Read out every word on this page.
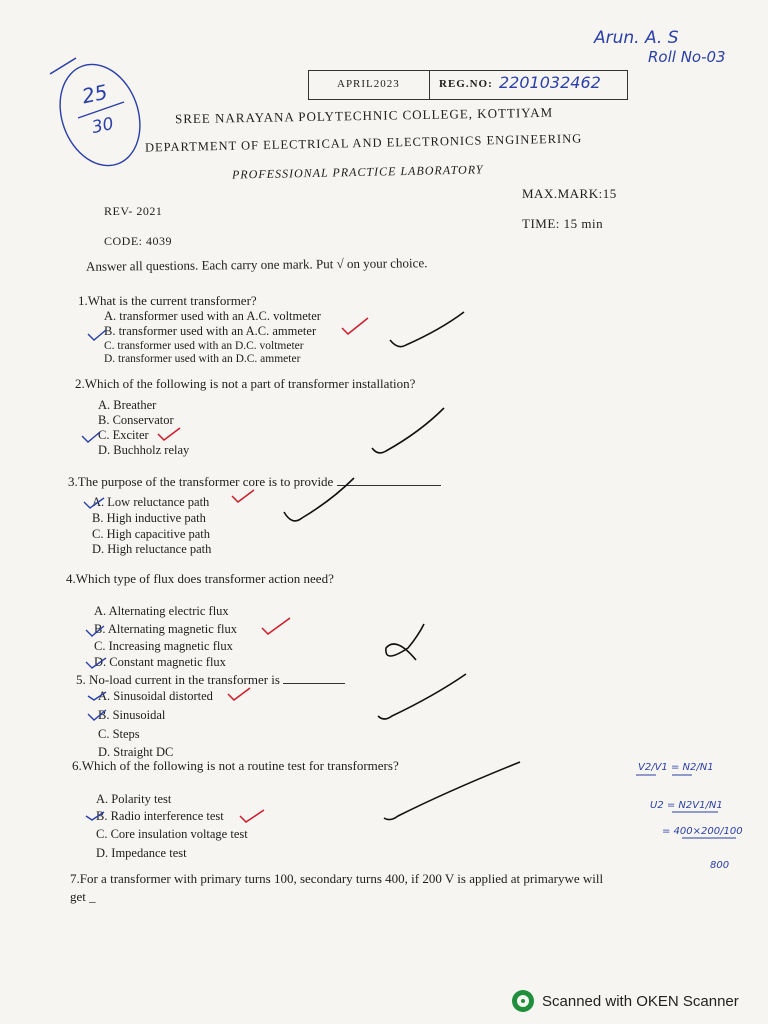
Arun. A. S
Roll No-03
25
30
APRIL2023	REG.NO: 2201032462
SREE NARAYANA POLYTECHNIC COLLEGE, KOTTIYAM
DEPARTMENT OF ELECTRICAL AND ELECTRONICS ENGINEERING
PROFESSIONAL PRACTICE LABORATORY
MAX.MARK:15
TIME: 15 min
REV- 2021
CODE: 4039
Answer all questions. Each carry one mark. Put √ on your choice.
1.What is the current transformer?
A. transformer used with an A.C. voltmeter
B. transformer used with an A.C. ammeter
C. transformer used with an D.C. voltmeter
D. transformer used with an D.C. ammeter
2.Which of the following is not a part of transformer installation?
A. Breather
B. Conservator
C. Exciter
D. Buchholz relay
3.The purpose of the transformer core is to provide
A. Low reluctance path
B. High inductive path
C. High capacitive path
D. High reluctance path
4.Which type of flux does transformer action need?
A. Alternating electric flux
B. Alternating magnetic flux
C. Increasing magnetic flux
D. Constant magnetic flux
5. No-load current in the transformer is
A. Sinusoidal distorted
B. Sinusoidal
C. Steps
D. Straight DC
6.Which of the following is not a routine test for transformers?
A. Polarity test
B. Radio interference test
C. Core insulation voltage test
D. Impedance test
7.For a transformer with primary turns 100, secondary turns 400, if 200 V is applied at primarywe will
get _
V2/V1 = N2/N1
U2 = N2V1/N1
= 400×200/100
800
Scanned with OKEN Scanner
